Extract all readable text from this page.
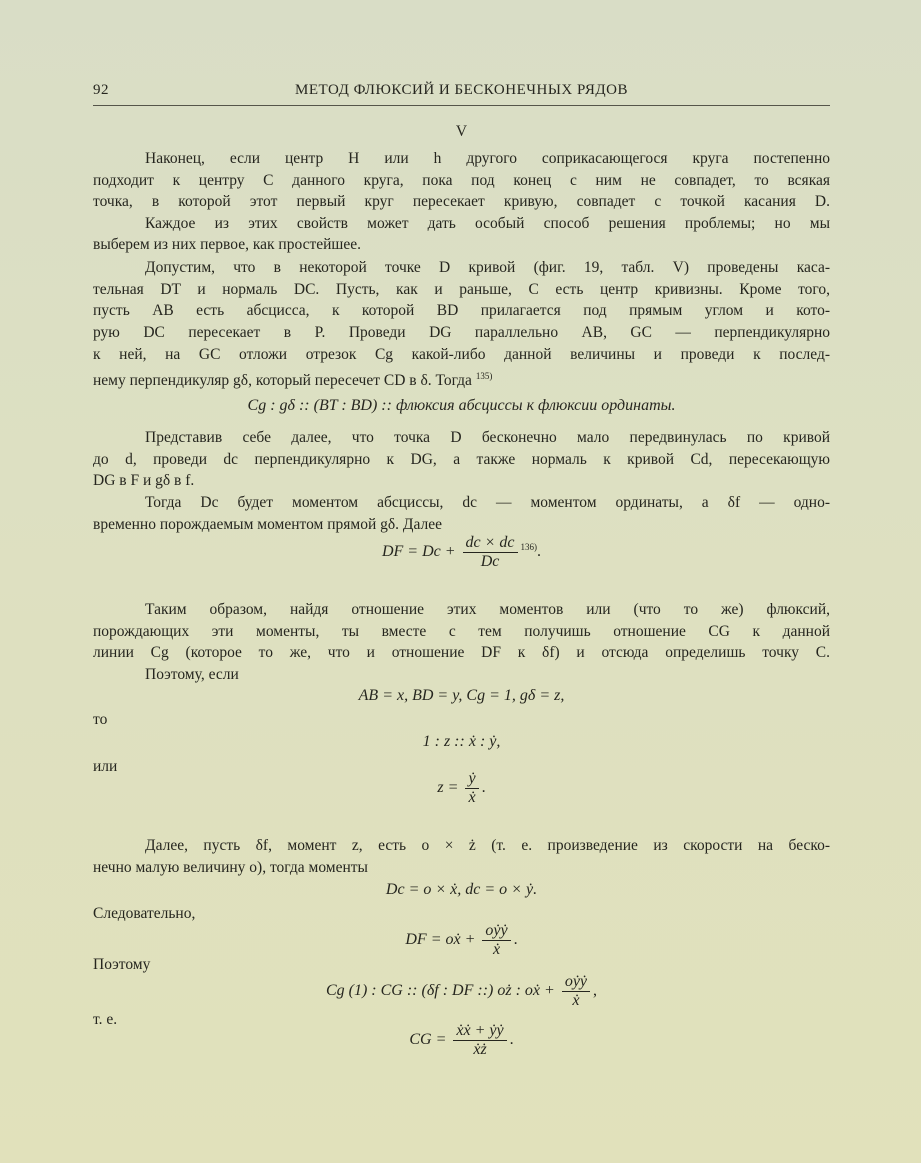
92	МЕТОД ФЛЮКСИЙ И БЕСКОНЕЧНЫХ РЯДОВ
V
Наконец, если центр H или h другого соприкасающегося круга постепенно
подходит к центру C данного круга, пока под конец с ним не совпадет, то всякая
точка, в которой этот первый круг пересекает кривую, совпадет с точкой касания D.
Каждое из этих свойств может дать особый способ решения проблемы; но мы
выберем из них первое, как простейшее.
Допустим, что в некоторой точке D кривой (фиг. 19, табл. V) проведены каса-
тельная DT и нормаль DC. Пусть, как и раньше, C есть центр кривизны. Кроме того,
пусть AB есть абсцисса, к которой BD прилагается под прямым углом и кото-
рую DC пересекает в P. Проведи DG параллельно AB, GC — перпендикулярно
к ней, на GC отложи отрезок Cg какой-либо данной величины и проведи к послед-
нему перпендикуляр gδ, который пересечет CD в δ. Тогда $^{135)}$
Cg : gδ :: (BT : BD) :: флюксия абсциссы к флюксии ординаты.
Представив себе далее, что точка D бесконечно мало передвинулась по кривой
до d, проведи dc перпендикулярно к DG, а также нормаль к кривой Cd, пересекающую
DG в F и gδ в f.
Тогда Dc будет моментом абсциссы, dc — моментом ординаты, а δf — одно-
временно порождаемым моментом прямой gδ. Далее
DF = $Dc + \frac{dc \times dc}{Dc} ^{136)}$.
Таким образом, найдя отношение этих моментов или (что то же) флюксий,
порождающих эти моменты, ты вместе с тем получишь отношение CG к данной
линии Cg (которое то же, что и отношение DF к δf) и отсюда определишь точку C.
Поэтому, если
AB = x, BD = y, Cg = 1, gδ = z,
то
1 : z :: ẋ : ẏ,
или
$z = \frac{\text{ẏ}}{\text{ẋ}}$ .
Далее, пусть δf, момент z, есть o × ż (т. е. произведение из скорости на беско-
нечно малую величину o), тогда моменты
Dc = o × ẋ, dc = o × ẏ.
Следовательно,
DF = oẋ + $\frac{\text{oẏẏ}}{\text{ẋ}}$ .
Поэтому
Cg (1) : CG :: (δf : DF ::) oż : oẋ + $\frac{\text{oẏẏ}}{\text{ẋ}}$ ,
т. е.
CG = $\frac{\text{ẋẋ + ẏẏ}}{\text{ẋż}}$ .
